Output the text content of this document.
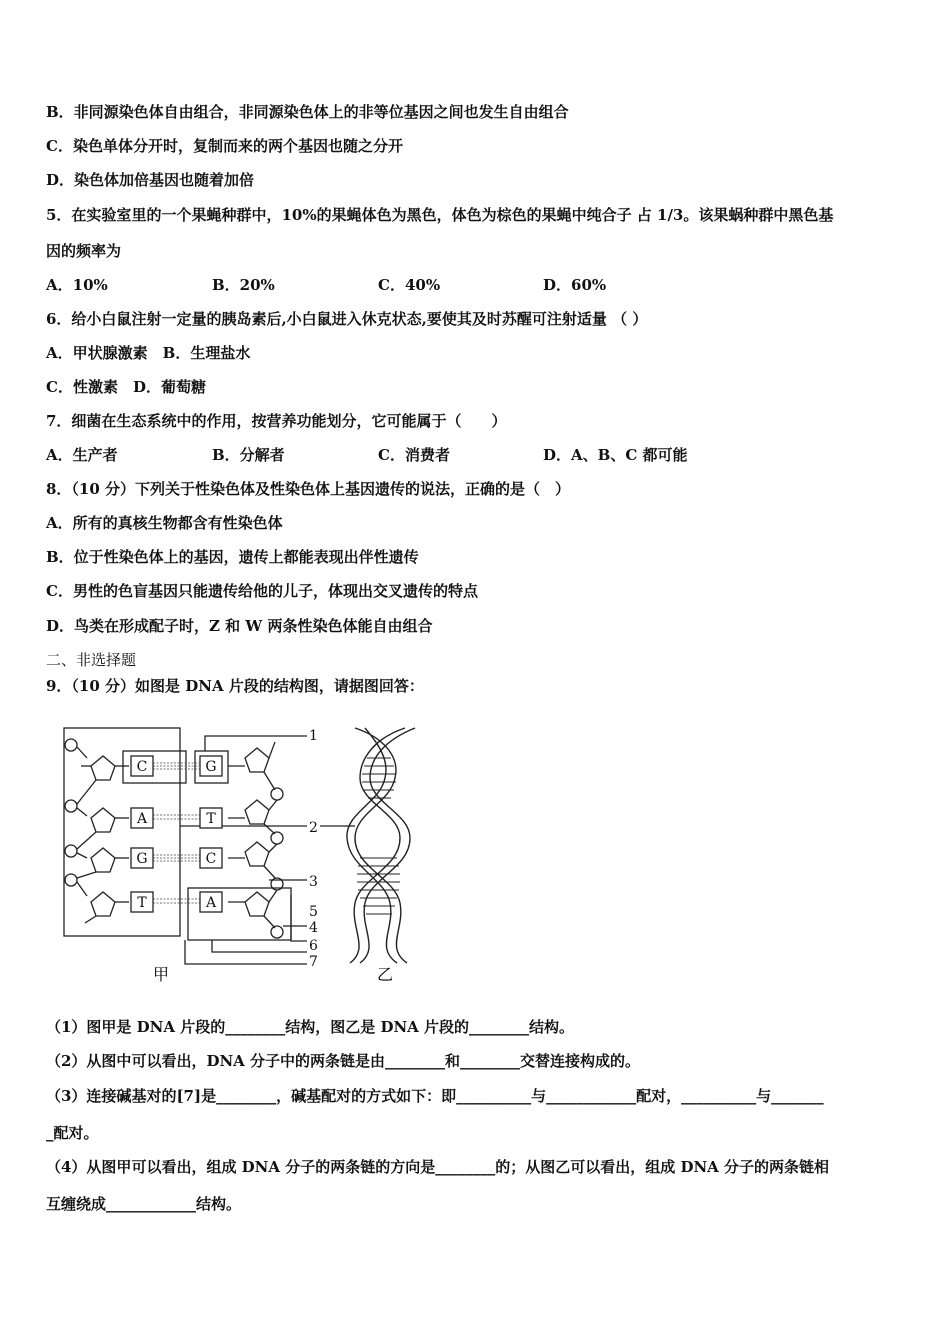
B．非同源染色体自由组合，非同源染色体上的非等位基因之间也发生自由组合
C．染色单体分开时，复制而来的两个基因也随之分开
D．染色体加倍基因也随着加倍
5．在实验室里的一个果蝇种群中，10%的果蝇体色为黑色，体色为棕色的果蝇中纯合子 占 1/3。该果蜗种群中黑色基
因的频率为
A．10%	B．20%	C．40%	D．60%
6．给小白鼠注射一定量的胰岛素后,小白鼠进入休克状态,要使其及时苏醒可注射适量 （ ）
A．甲状腺激素　B．生理盐水
C．性激素　D．葡萄糖
7．细菌在生态系统中的作用，按营养功能划分，它可能属于（　　）
A．生产者	B．分解者	C．消费者	D．A、B、C 都可能
8．（10 分）下列关于性染色体及性染色体上基因遗传的说法，正确的是（　）
A．所有的真核生物都含有性染色体
B．位于性染色体上的基因，遗传上都能表现出伴性遗传
C．男性的色盲基因只能遗传给他的儿子，体现出交叉遗传的特点
D．鸟类在形成配子时，Z 和 W 两条性染色体能自由组合
二、非选择题
9．（10 分）如图是 DNA 片段的结构图，请据图回答：
C
A
G
T
G
T
C
A
1
2
3
4
5
6
7
甲	乙
（1）图甲是 DNA 片段的________结构，图乙是 DNA 片段的________结构。
（2）从图中可以看出，DNA 分子中的两条链是由________和________交替连接构成的。
（3）连接碱基对的[7]是________，碱基配对的方式如下：即__________与____________配对，__________与_______
_配对。
（4）从图甲可以看出，组成 DNA 分子的两条链的方向是________的；从图乙可以看出，组成 DNA 分子的两条链相
互缠绕成____________结构。
